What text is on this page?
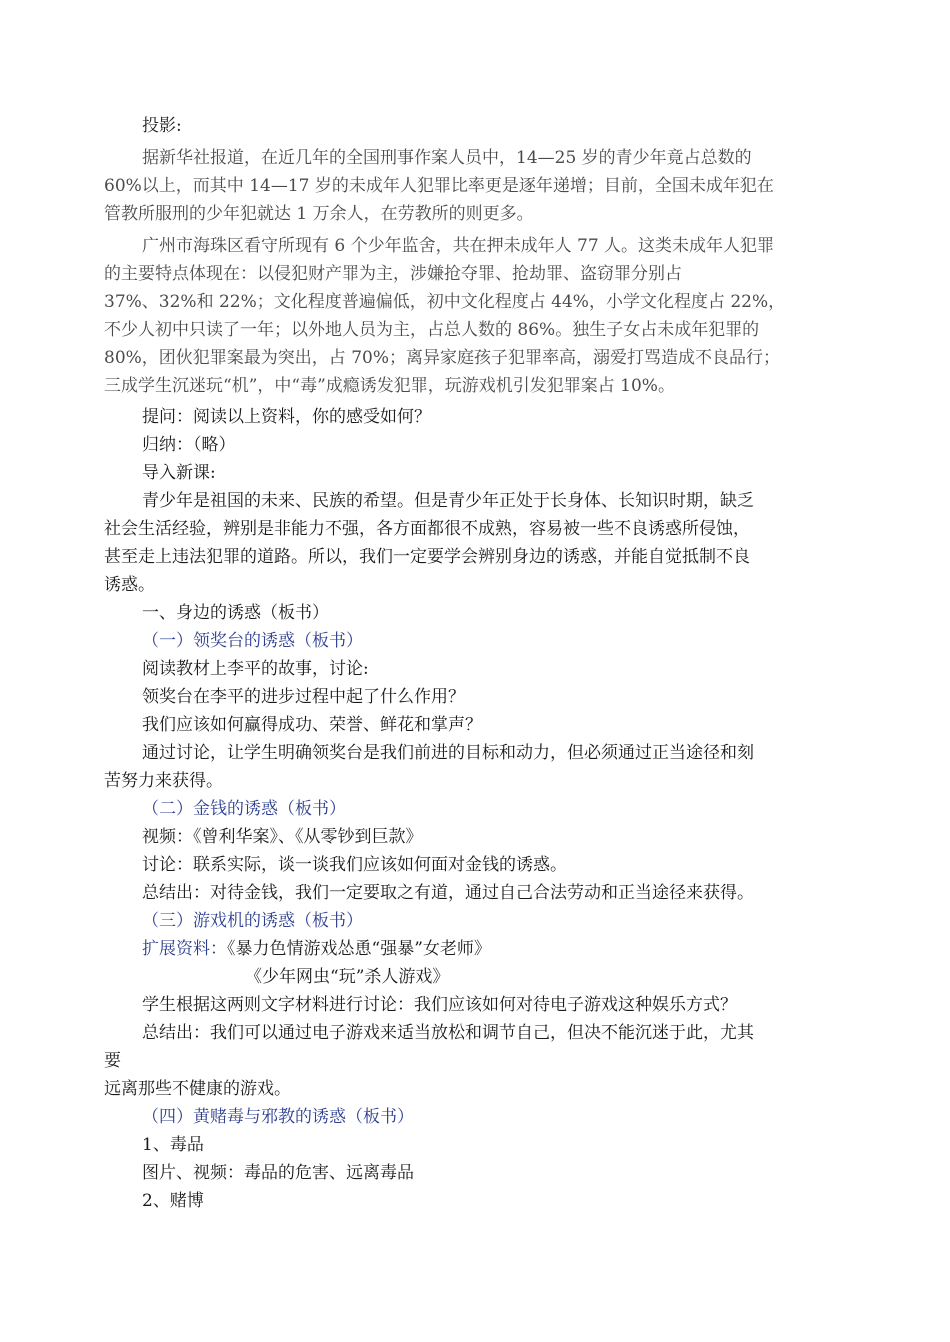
投影:

据新华社报道，在近几年的全国刑事作案人员中，14—25 岁的青少年竟占总数的

60%以上，而其中 14—17 岁的未成年人犯罪比率更是逐年递增；目前，全国未成年犯在

管教所服刑的少年犯就达 1 万余人，在劳教所的则更多。

广州市海珠区看守所现有 6 个少年监舍，共在押未成年人 77 人。这类未成年人犯罪

的主要特点体现在：以侵犯财产罪为主，涉嫌抢夺罪、抢劫罪、盗窃罪分别占

37%、32%和 22%；文化程度普遍偏低，初中文化程度占 44%，小学文化程度占 22%，

不少人初中只读了一年；以外地人员为主，占总人数的 86%。独生子女占未成年犯罪的

80%，团伙犯罪案最为突出，占 70%；离异家庭孩子犯罪率高，溺爱打骂造成不良品行；

三成学生沉迷玩“机”，中“毒”成瘾诱发犯罪，玩游戏机引发犯罪案占 10%。

提问：阅读以上资料，你的感受如何？

归纳：（略）

导入新课:

青少年是祖国的未来、民族的希望。但是青少年正处于长身体、长知识时期，缺乏

社会生活经验，辨别是非能力不强，各方面都很不成熟，容易被一些不良诱惑所侵蚀，

甚至走上违法犯罪的道路。所以，我们一定要学会辨别身边的诱惑，并能自觉抵制不良

诱惑。

一、身边的诱惑（板书）

（一）领奖台的诱惑（板书）

阅读教材上李平的故事，讨论:

领奖台在李平的进步过程中起了什么作用？

我们应该如何赢得成功、荣誉、鲜花和掌声？

通过讨论，让学生明确领奖台是我们前进的目标和动力，但必须通过正当途径和刻

苦努力来获得。

（二）金钱的诱惑（板书）

视频：《曾利华案》、《从零钞到巨款》

讨论：联系实际，谈一谈我们应该如何面对金钱的诱惑。

总结出：对待金钱，我们一定要取之有道，通过自己合法劳动和正当途径来获得。

（三）游戏机的诱惑（板书）

扩展资料：《暴力色情游戏怂恿“强暴”女老师》

《少年网虫“玩”杀人游戏》

学生根据这两则文字材料进行讨论：我们应该如何对待电子游戏这种娱乐方式？

总结出：我们可以通过电子游戏来适当放松和调节自己，但决不能沉迷于此，尤其

要

远离那些不健康的游戏。

（四）黄赌毒与邪教的诱惑（板书）

1、毒品

图片、视频：毒品的危害、远离毒品

2、赌博
